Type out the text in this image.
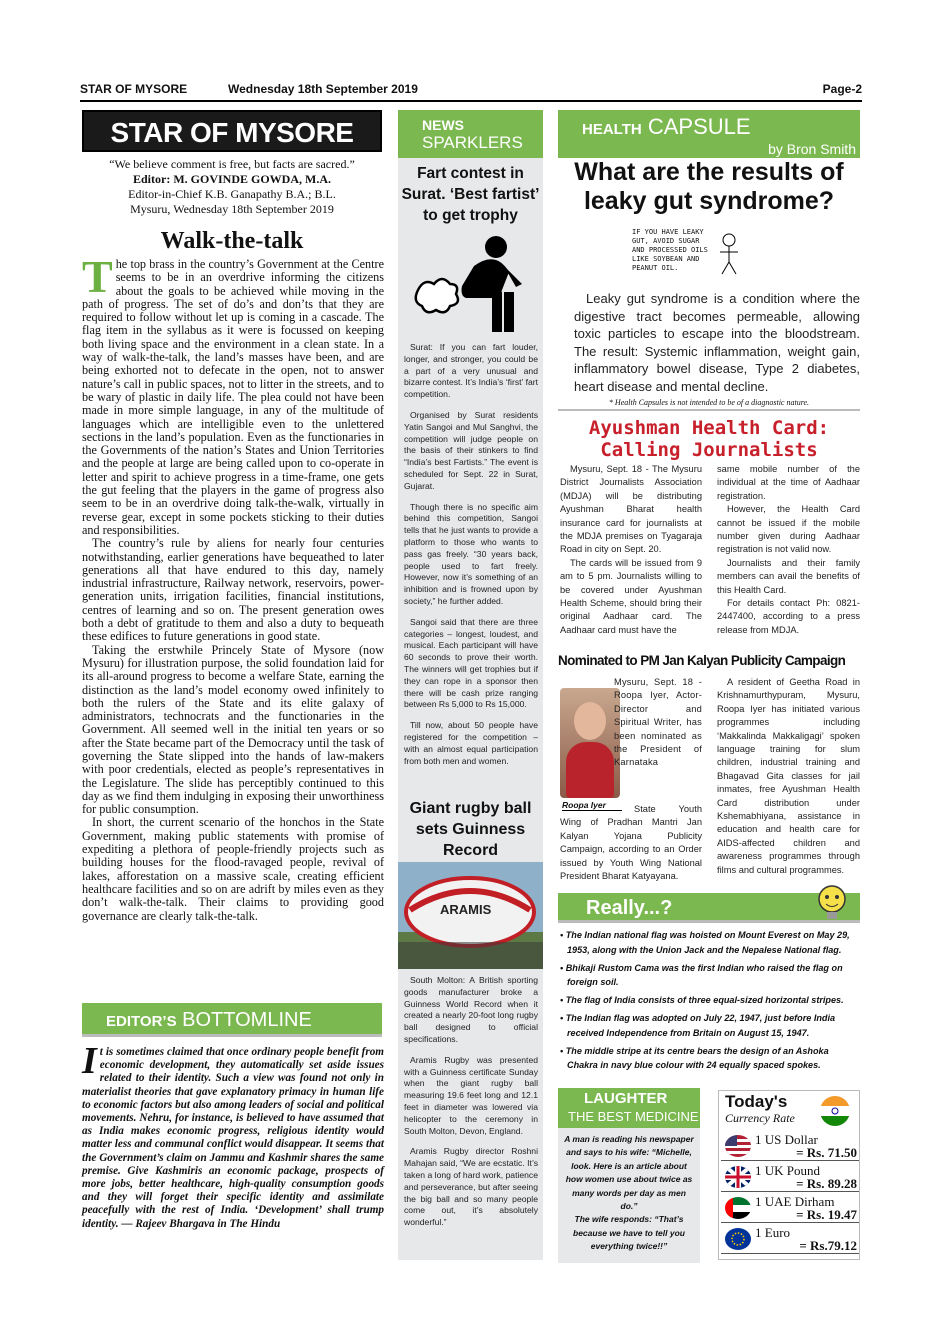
STAR OF MYSORE	Wednesday 18th September 2019	Page-2
STAR OF MYSORE
“We believe comment is free, but facts are sacred.”
Editor: M. GOVINDE GOWDA, M.A.
Editor-in-Chief K.B. Ganapathy B.A.; B.L.
Mysuru, Wednesday 18th September 2019
Walk-the-talk

The top brass in the country’s Government at the Centre seems to be in an overdrive informing the citizens about the goals to be achieved while moving in the path of progress. The set of do’s and don’ts that they are required to follow without let up is coming in a cascade. The flag item in the syllabus as it were is focussed on keeping both living space and the environment in a clean state. In a way of walk-the-talk, the land’s masses have been, and are being exhorted not to defecate in the open, not to answer nature’s call in public spaces, not to litter in the streets, and to be wary of plastic in daily life. The plea could not have been made in more simple language, in any of the multitude of languages which are intelligible even to the unlettered sections in the land’s population. Even as the functionaries in the Governments of the nation’s States and Union Territories and the people at large are being called upon to co-operate in letter and spirit to achieve progress in a time-frame, one gets the gut feeling that the players in the game of progress also seem to be in an overdrive doing talk-the-walk, virtually in reverse gear, except in some pockets sticking to their duties and responsibilities.

The country’s rule by aliens for nearly four centuries notwithstanding, earlier generations have bequeathed to later generations all that have endured to this day, namely industrial infrastructure, Railway network, reservoirs, power-generation units, irrigation facilities, financial institutions, centres of learning and so on. The present generation owes both a debt of gratitude to them and also a duty to bequeath these edifices to future generations in good state.

Taking the erstwhile Princely State of Mysore (now Mysuru) for illustration purpose, the solid foundation laid for its all-around progress to become a welfare State, earning the distinction as the land’s model economy owed infinitely to both the rulers of the State and its elite galaxy of administrators, technocrats and the functionaries in the Government. All seemed well in the initial ten years or so after the State became part of the Democracy until the task of governing the State slipped into the hands of law-makers with poor credentials, elected as people’s representatives in the Legislature. The slide has perceptibly continued to this day as we find them indulging in exposing their unworthiness for public consumption.

In short, the current scenario of the honchos in the State Government, making public statements with promise of expediting a plethora of people-friendly projects such as building houses for the flood-ravaged people, revival of lakes, afforestation on a massive scale, creating efficient healthcare facilities and so on are adrift by miles even as they don’t walk-the-talk. Their claims to providing good governance are clearly talk-the-talk.

EDITOR’S BOTTOMLINE
It is sometimes claimed that once ordinary people benefit from economic development, they automatically set aside issues related to their identity. Such a view was found not only in materialist theories that gave explanatory primacy in human life to economic factors but also among leaders of social and political movements. Nehru, for instance, is believed to have assumed that as India makes economic progress, religious identity would matter less and communal conflict would disappear. It seems that the Government’s claim on Jammu and Kashmir shares the same premise. Give Kashmiris an economic package, prospects of more jobs, better healthcare, high-quality consumption goods and they will forget their specific identity and assimilate peacefully with the rest of India. ‘Development’ shall trump identity. — Rajeev Bhargava in The Hindu
NEWS
SPARKLERS
Fart contest in Surat. ‘Best fartist’ to get trophy

Surat: If you can fart louder, longer, and stronger, you could be a part of a very unusual and bizarre contest. It’s India’s ‘first’ fart competition.

Organised by Surat residents Yatin Sangoi and Mul Sanghvi, the competition will judge people on the basis of their stinkers to find “India’s best Fartists.” The event is scheduled for Sept. 22 in Surat, Gujarat.

Though there is no specific aim behind this competition, Sangoi tells that he just wants to provide a platform to those who wants to pass gas freely. “30 years back, people used to fart freely. However, now it’s something of an inhibition and is frowned upon by society,” he further added.

Sangoi said that there are three categories – longest, loudest, and musical. Each participant will have 60 seconds to prove their worth. The winners will get trophies but if they can rope in a sponsor then there will be cash prize ranging between Rs 5,000 to Rs 15,000.

Till now, about 50 people have registered for the competition – with an almost equal participation from both men and women.

Giant rugby ball sets Guinness Record
ARAMIS

South Molton: A British sporting goods manufacturer broke a Guinness World Record when it created a nearly 20-foot long rugby ball designed to official specifications.

Aramis Rugby was presented with a Guinness certificate Sunday when the giant rugby ball measuring 19.6 feet long and 12.1 feet in diameter was lowered via helicopter to the ceremony in South Molton, Devon, England.

Aramis Rugby director Roshni Mahajan said, “We are ecstatic. It’s taken a long of hard work, patience and perseverance, but after seeing the big ball and so many people come out, it’s absolutely wonderful.”

HEALTH CAPSULE
by Bron Smith
What are the results of leaky gut syndrome?
IF YOU HAVE LEAKY GUT, AVOID SUGAR AND PROCESSED OILS LIKE SOYBEAN AND PEANUT OIL.
Leaky gut syndrome is a condition where the digestive tract becomes permeable, allowing toxic particles to escape into the bloodstream. The result: Systemic inflammation, weight gain, inflammatory bowel disease, Type 2 diabetes, heart disease and mental decline.
* Health Capsules is not intended to be of a diagnostic nature.
Ayushman Health Card:
Calling Journalists

Mysuru, Sept. 18 - The Mysuru District Journalists Association (MDJA) will be distributing Ayushman Bharat health insurance card for journalists at the MDJA premises on Tyagaraja Road in city on Sept. 20.

The cards will be issued from 9 am to 5 pm. Journalists willing to be covered under Ayushman Health Scheme, should bring their original Aadhaar card. The Aadhaar card must have the

same mobile number of the individual at the time of Aadhaar registration.

However, the Health Card cannot be issued if the mobile number given during Aadhaar registration is not valid now.

Journalists and their family members can avail the benefits of this Health Card.

For details contact Ph: 0821-2447400, according to a press release from MDJA.

Nominated to PM Jan Kalyan Publicity Campaign
Mysuru, Sept. 18 -Roopa Iyer, Actor-Director and Spiritual Writer, has been nominated as the President of Karnataka
Roopa Iyer	State Youth Wing of Pradhan Mantri Jan Kalyan Yojana Publicity Campaign, according to an Order issued by Youth Wing National President Bharat Katyayana.
A resident of Geetha Road in Krishnamurthypuram, Mysuru, Roopa Iyer has initiated various programmes including ‘Makkalinda Makkaligagi’ spoken language training for slum children, industrial training and Bhagavad Gita classes for jail inmates, free Ayushman Health Card distribution under Kshemabhiyana, assistance in education and health care for AIDS-affected children and awareness programmes through films and cultural programmes.
Really...?
• The Indian national flag was hoisted on Mount Everest on May 29, 1953, along with the Union Jack and the Nepalese National flag.
• Bhikaji Rustom Cama was the first Indian who raised the flag on foreign soil.
• The flag of India consists of three equal-sized horizontal stripes.
• The Indian flag was adopted on July 22, 1947, just before India received Independence from Britain on August 15, 1947.
• The middle stripe at its centre bears the design of an Ashoka Chakra in navy blue colour with 24 equally spaced spokes.
LAUGHTER
THE BEST MEDICINE
A man is reading his newspaper and says to his wife: “Michelle, look. Here is an article about how women use about twice as many words per day as men do.”
The wife responds: “That’s because we have to tell you everything twice!!”
Today's
Currency Rate
1 US Dollar
= Rs. 71.50
1 UK Pound
= Rs. 89.28
1 UAE Dirham
= Rs. 19.47
1 Euro
= Rs.79.12
